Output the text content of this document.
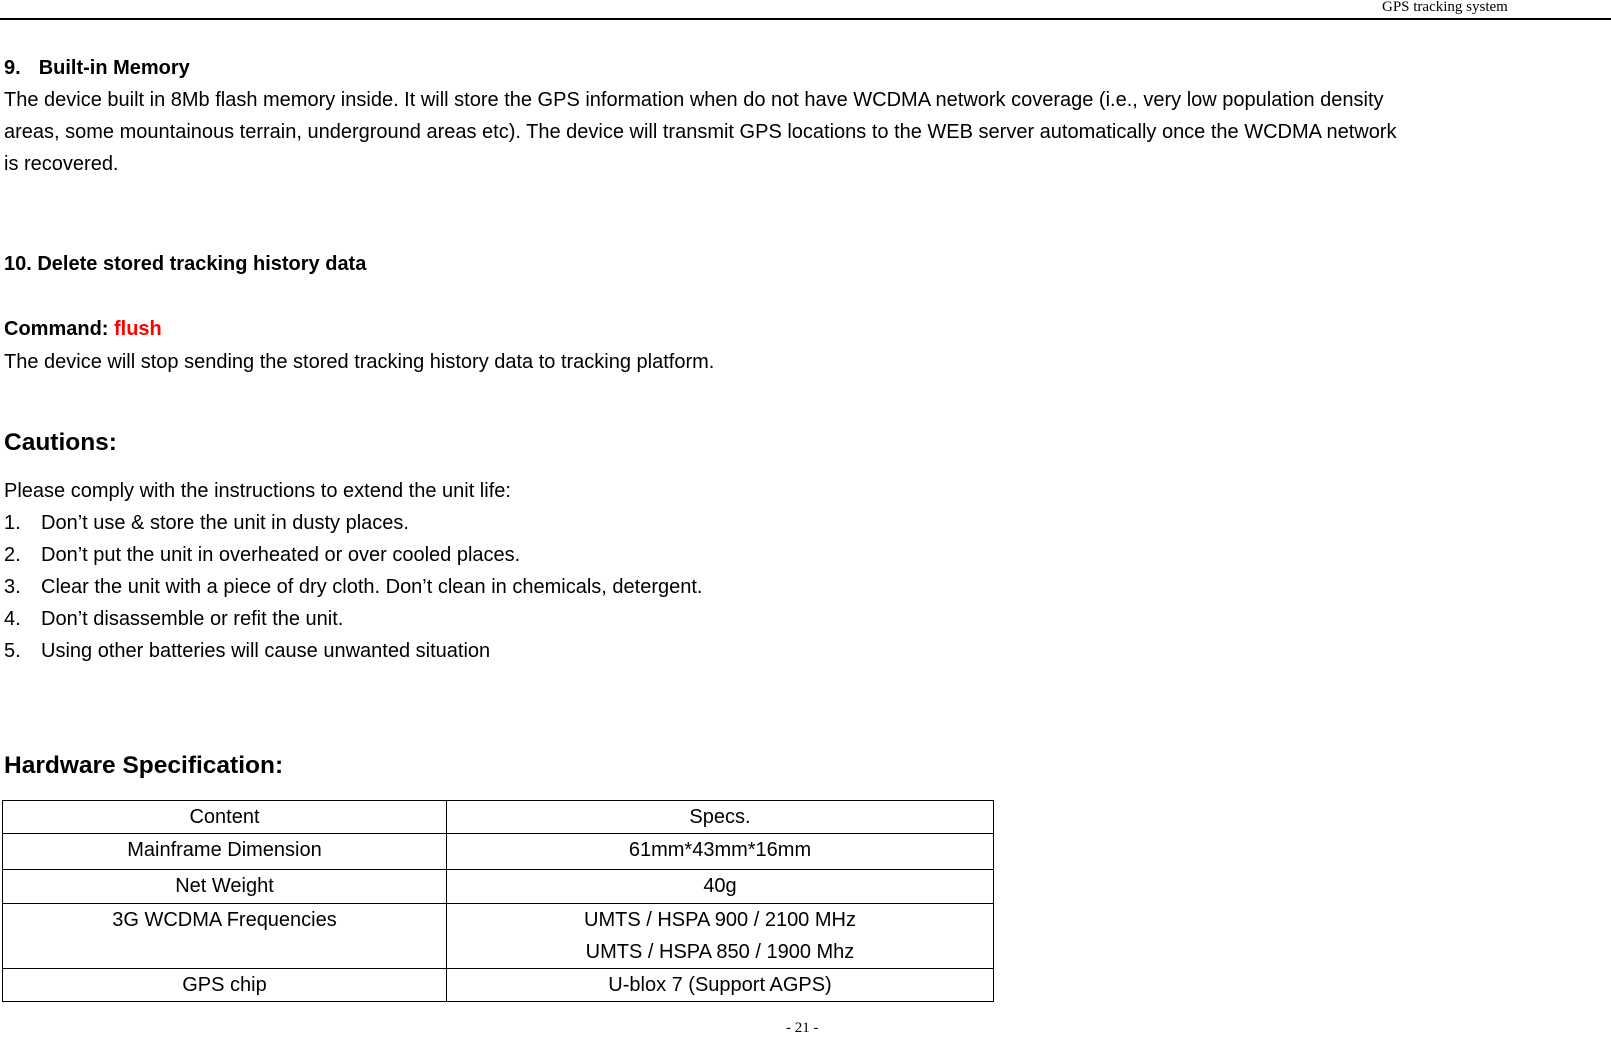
GPS tracking system
9. Built-in Memory
The device built in 8Mb flash memory inside. It will store the GPS information when do not have WCDMA network coverage (i.e., very low population density
areas, some mountainous terrain, underground areas etc). The device will transmit GPS locations to the WEB server automatically once the WCDMA network
is recovered.
10. Delete stored tracking history data
Command: flush
The device will stop sending the stored tracking history data to tracking platform.
Cautions:
Please comply with the instructions to extend the unit life:
1. Don’t use & store the unit in dusty places.
2. Don’t put the unit in overheated or over cooled places.
3. Clear the unit with a piece of dry cloth. Don’t clean in chemicals, detergent.
4. Don’t disassemble or refit the unit.
5. Using other batteries will cause unwanted situation
Hardware Specification:
Content	Specs.
Mainframe Dimension	61mm*43mm*16mm
Net Weight	40g
3G WCDMA Frequencies	UMTS / HSPA 900 / 2100 MHz
UMTS / HSPA 850 / 1900 Mhz

GPS chip	U-blox 7 (Support AGPS)
- 21 -
